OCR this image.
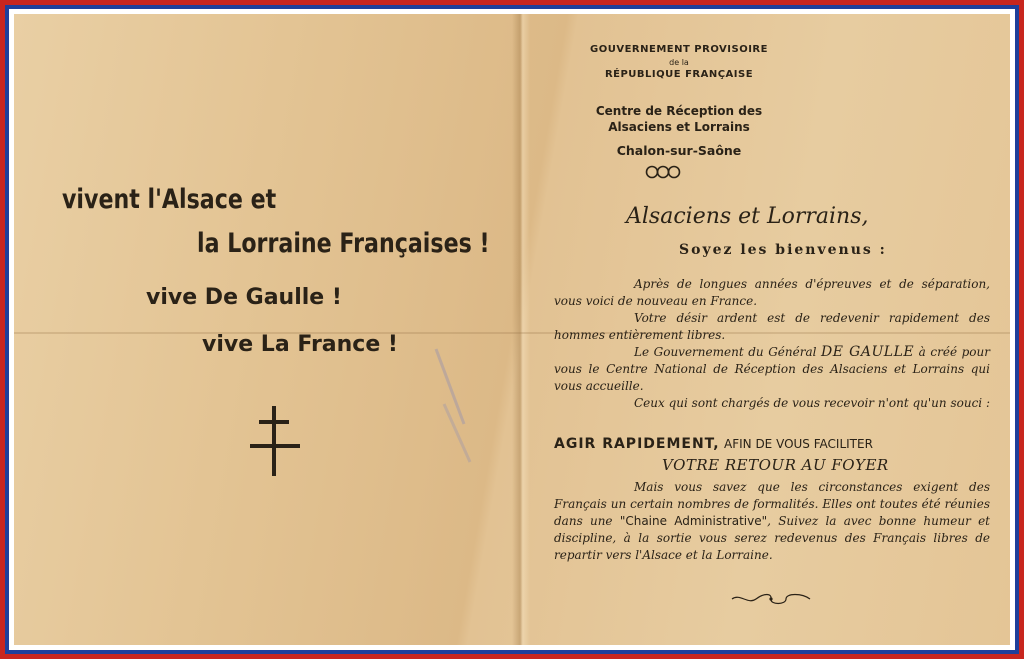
vivent l'Alsace et
la Lorraine Françaises !
vive De Gaulle !
vive La France !
GOUVERNEMENT PROVISOIRE
de la
RÉPUBLIQUE FRANÇAISE
Centre de Réception des
Alsaciens et Lorrains
Chalon-sur-Saône
Alsaciens et Lorrains,
Soyez les bienvenus :
Après de longues années d'épreuves et de séparation, vous voici de nouveau en France.
Votre désir ardent est de redevenir rapidement des hommes entièrement libres.
Le Gouvernement du Général DE GAULLE à créé pour vous le Centre National de Réception des Alsaciens et Lorrains qui vous accueille.
Ceux qui sont chargés de vous recevoir n'ont qu'un souci :
AGIR RAPIDEMENT, AFIN DE VOUS FACILITER
VOTRE RETOUR AU FOYER
Mais vous savez que les circonstances exigent des Français un certain nombres de formalités. Elles ont toutes été réunies dans une "Chaine Administrative", Suivez la avec bonne humeur et discipline, à la sortie vous serez redevenus des Français libres de repartir vers l'Alsace et la Lorraine.
